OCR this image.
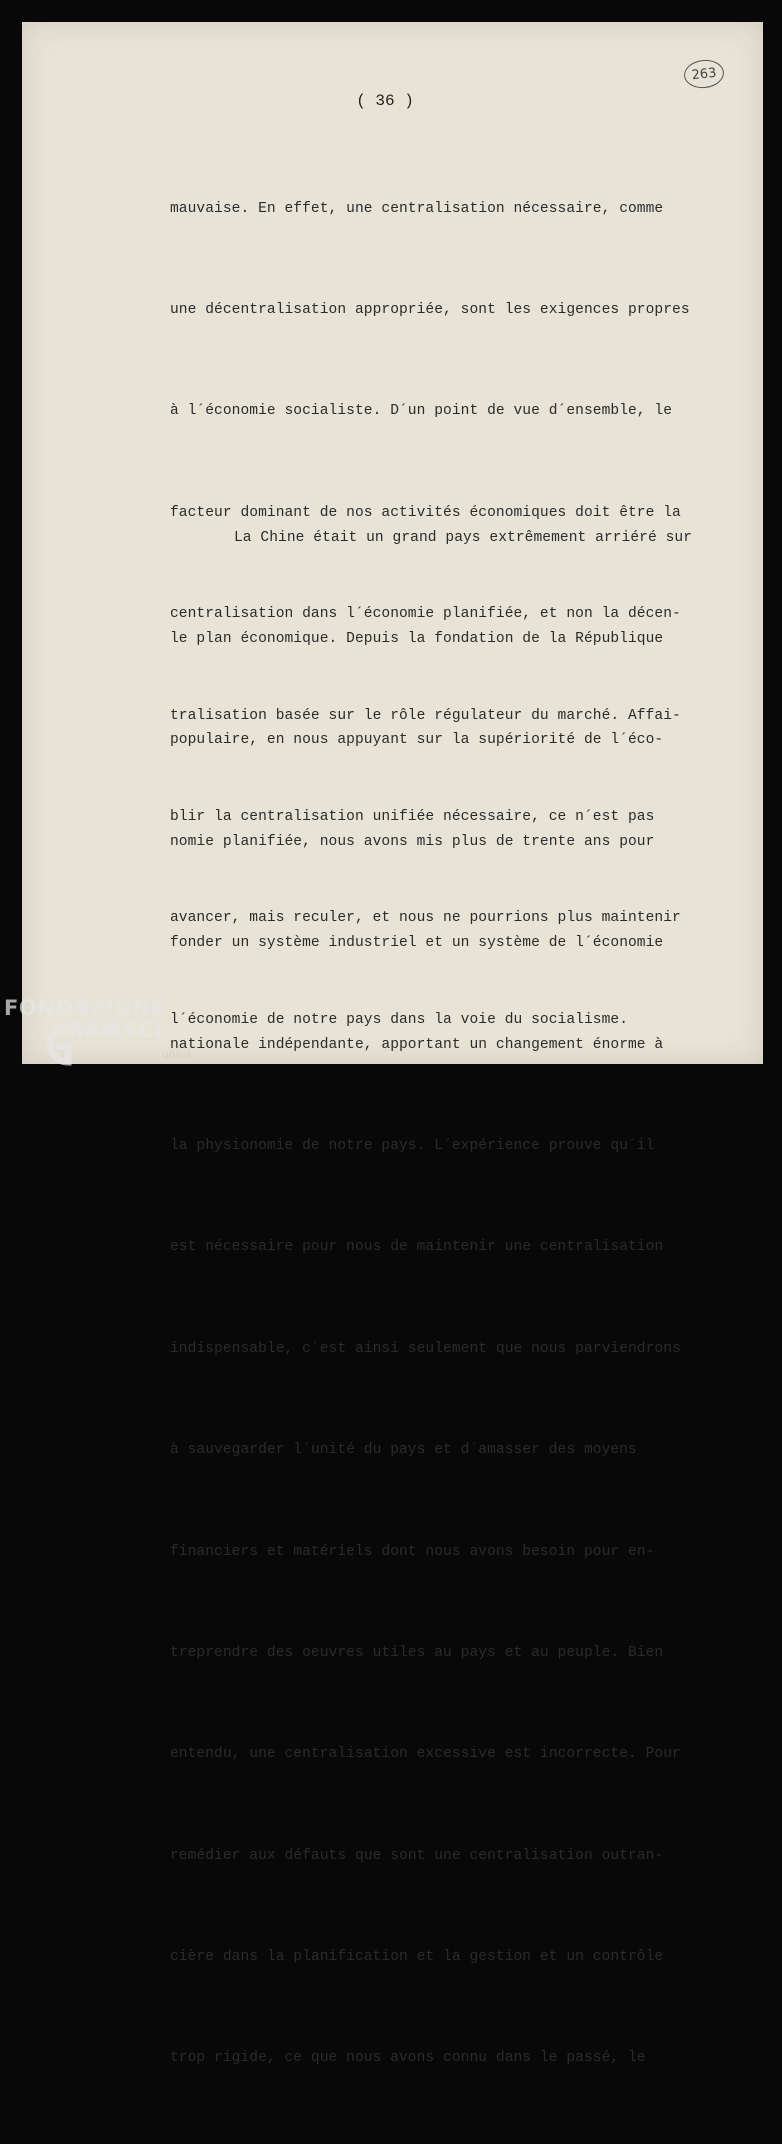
( 36 )
263

mauvaise. En effet, une centralisation nécessaire, comme

une décentralisation appropriée, sont les exigences propres

à l´économie socialiste. D´un point de vue d´ensemble, le

facteur dominant de nos activités économiques doit être la

centralisation dans l´économie planifiée, et non la décen-

tralisation basée sur le rôle régulateur du marché. Affai-

blir la centralisation unifiée nécessaire, ce n´est pas

avancer, mais reculer, et nous ne pourrions plus maintenir

l´économie de notre pays dans la voie du socialisme.

La Chine était un grand pays extrêmement arriéré sur

le plan économique. Depuis la fondation de la République

populaire, en nous appuyant sur la supériorité de l´éco-

nomie planifiée, nous avons mis plus de trente ans pour

fonder un système industriel et un système de l´économie

nationale indépendante, apportant un changement énorme à

la physionomie de notre pays. L´expérience prouve qu´il

est nécessaire pour nous de maintenir une centralisation

indispensable, c´est ainsi seulement que nous parviendrons

à sauvegarder l´unité du pays et d´amasser des moyens

financiers et matériels dont nous avons besoin pour en-

treprendre des oeuvres utiles au pays et au peuple. Bien

entendu, une centralisation excessive est incorrecte. Pour

remédier aux défauts que sont une centralisation outran-

cière dans la planification et la gestion et un contrôle

trop rigide, ce que nous avons connu dans le passé, le

FONDAZIONE
RAMSCI
onlus
